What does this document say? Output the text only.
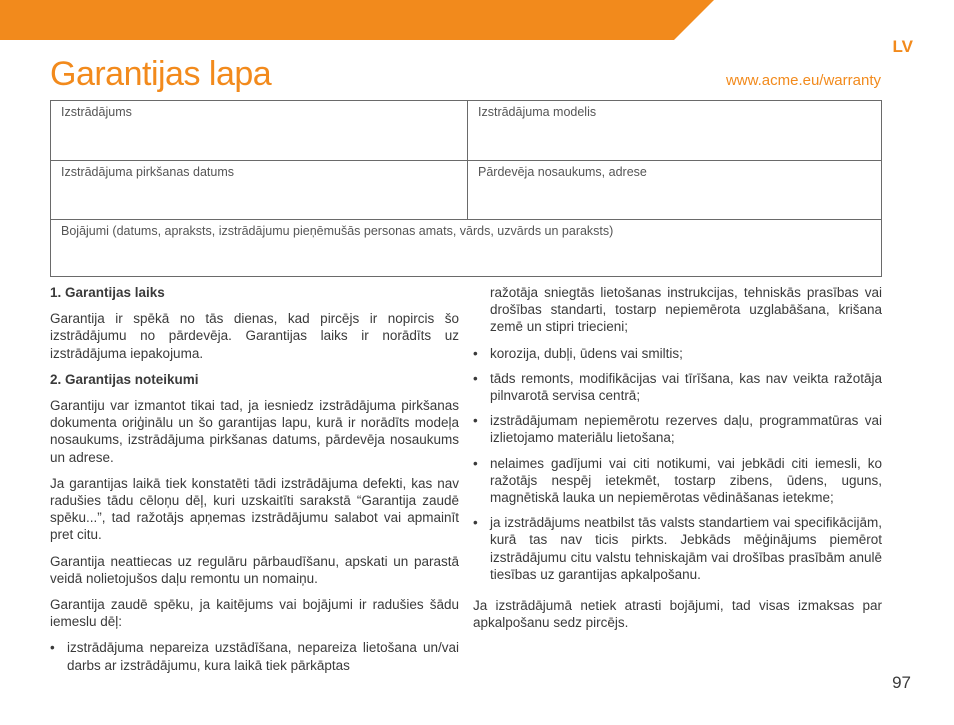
LV
Garantijas lapa	www.acme.eu/warranty
Izstrādājums	Izstrādājuma modelis
Izstrādājuma pirkšanas datums	Pārdevēja nosaukums, adrese
Bojājumi (datums, apraksts, izstrādājumu pieņēmušās personas amats, vārds, uzvārds un paraksts)
1. Garantijas laiks

Garantija ir spēkā no tās dienas, kad pircējs ir nopircis šo izstrādājumu no pārdevēja. Garantijas laiks ir norādīts uz izstrādājuma iepakojuma.

2. Garantijas noteikumi

Garantiju var izmantot tikai tad, ja iesniedz izstrādājuma pirkšanas dokumenta oriģinālu un šo garantijas lapu, kurā ir norādīts modeļa nosaukums, izstrādājuma pirkšanas datums, pārdevēja nosaukums un adrese.

Ja garantijas laikā tiek konstatēti tādi izstrādājuma defekti, kas nav radušies tādu cēloņu dēļ, kuri uzskaitīti sarakstā “Garantija zaudē spēku...”, tad ražotājs apņemas izstrādājumu salabot vai apmainīt pret citu.

Garantija neattiecas uz regulāru pārbaudīšanu, apskati un parastā veidā nolietojušos daļu remontu un nomaiņu.

Garantija zaudē spēku, ja kaitējums vai bojājumi ir radušies šādu iemeslu dēļ:

• izstrādājuma nepareiza uzstādīšana, nepareiza lietošana un/vai darbs ar izstrādājumu, kura laikā tiek pārkāptas

ražotāja sniegtās lietošanas instrukcijas, tehniskās prasības vai drošības standarti, tostarp nepiemērota uzglabāšana, krišana zemē un stipri triecieni;

• korozija, dubļi, ūdens vai smiltis;
• tāds remonts, modifikācijas vai tīrīšana, kas nav veikta ražotāja pilnvarotā servisa centrā;
• izstrādājumam nepiemērotu rezerves daļu, programmatūras vai izlietojamo materiālu lietošana;
• nelaimes gadījumi vai citi notikumi, vai jebkādi citi iemesli, ko ražotājs nespēj ietekmēt, tostarp zibens, ūdens, uguns, magnētiskā lauka un nepiemērotas vēdināšanas ietekme;
• ja izstrādājums neatbilst tās valsts standartiem vai specifikācijām, kurā tas nav ticis pirkts. Jebkāds mēģinājums piemērot izstrādājumu citu valstu tehniskajām vai drošības prasībām anulē tiesības uz garantijas apkalpošanu.

Ja izstrādājumā netiek atrasti bojājumi, tad visas izmaksas par apkalpošanu sedz pircējs.

97
